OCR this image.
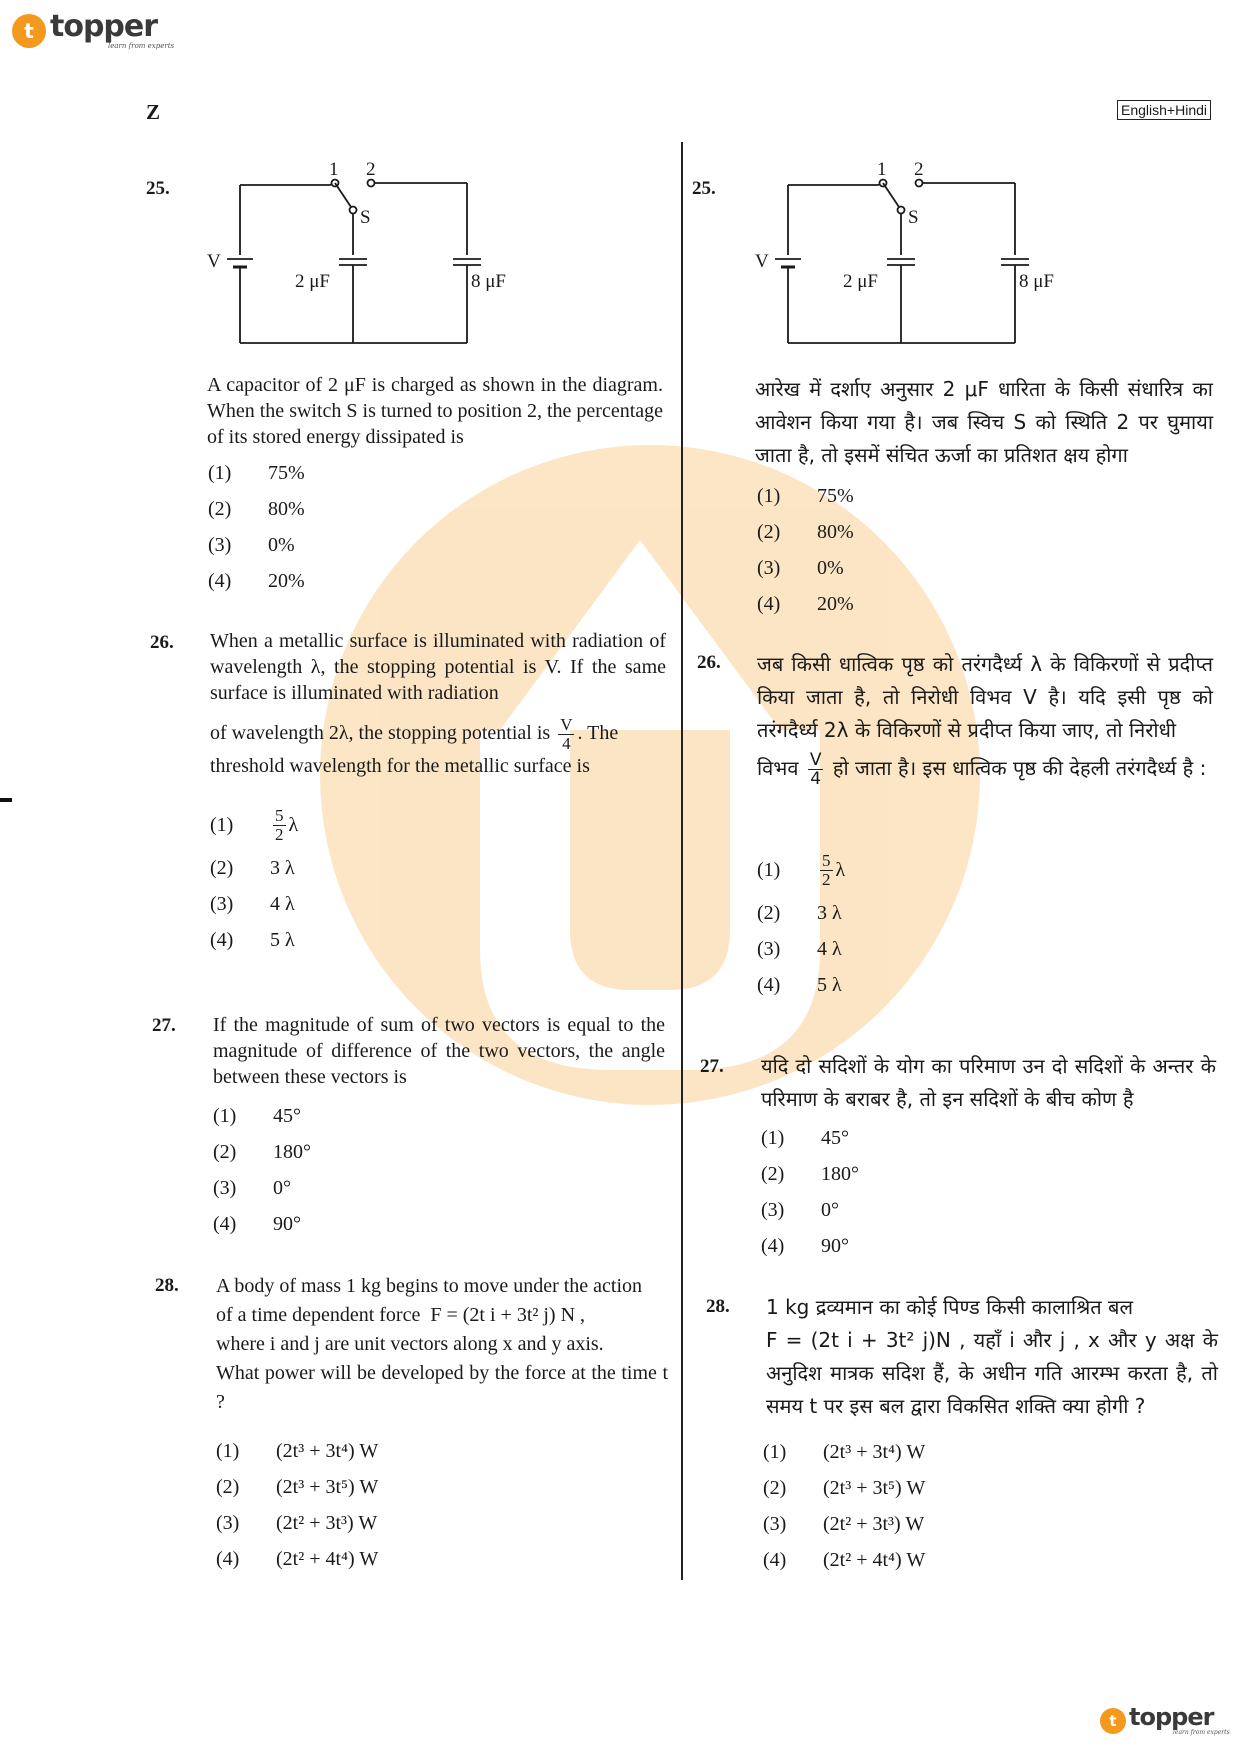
t topper
learn from experts
Z	English+Hindi
25.
1 2
S
V
2 μF	8 μF
A capacitor of 2 μF is charged as shown in the diagram. When the switch S is turned to position 2, the percentage of its stored energy dissipated is
(1)	75%
(2)	80%
(3)	0%
(4)	20%
26. When a metallic surface is illuminated with radiation of wavelength λ, the stopping potential is V. If the same surface is illuminated with radiation
of wavelength 2λ, the stopping potential is $\frac{V}{4}$ . The
threshold wavelength for the metallic surface is
(1)	$\frac{5}{2}$ λ
(2)	3 λ
(3)	4 λ
(4)	5 λ
27. If the magnitude of sum of two vectors is equal to the magnitude of difference of the two vectors, the angle between these vectors is
(1)	45°
(2)	180°
(3)	0°
(4)	90°
28. A body of mass 1 kg begins to move under the action
of a time dependent force F = (2t i + 3t² j) N ,
where i and j are unit vectors along x and y axis.
What power will be developed by the force at the time t ?
(1)	(2t³ + 3t⁴) W
(2)	(2t³ + 3t⁵) W
(3)	(2t² + 3t³) W
(4)	(2t² + 4t⁴) W
25.
1 2
S
V
2 μF	8 μF
आरेख में दर्शाए अनुसार 2 μF धारिता के किसी संधारित्र का आवेशन किया गया है। जब स्विच S को स्थिति 2 पर घुमाया जाता है, तो इसमें संचित ऊर्जा का प्रतिशत क्षय होगा
(1)	75%
(2)	80%
(3)	0%
(4)	20%
26. जब किसी धात्विक पृष्ठ को तरंगदैर्ध्य λ के विकिरणों से प्रदीप्त किया जाता है, तो निरोधी विभव V है। यदि इसी पृष्ठ को तरंगदैर्ध्य 2λ के विकिरणों से प्रदीप्त किया जाए, तो निरोधी
विभव $\frac{V}{4}$ हो जाता है। इस धात्विक पृष्ठ की देहली तरंगदैर्ध्य है :
(1)	$\frac{5}{2}$ λ
(2)	3 λ
(3)	4 λ
(4)	5 λ
27. यदि दो सदिशों के योग का परिमाण उन दो सदिशों के अन्तर के परिमाण के बराबर है, तो इन सदिशों के बीच कोण है
(1)	45°
(2)	180°
(3)	0°
(4)	90°
28. 1 kg द्रव्यमान का कोई पिण्ड किसी कालाश्रित बल
F = (2t i + 3t² j)N , यहाँ i और j , x और y अक्ष के अनुदिश मात्रक सदिश हैं, के अधीन गति आरम्भ करता है, तो समय t पर इस बल द्वारा विकसित शक्ति क्या होगी ?
(1)	(2t³ + 3t⁴) W
(2)	(2t³ + 3t⁵) W
(3)	(2t² + 3t³) W
(4)	(2t² + 4t⁴) W
t topper
learn from experts
